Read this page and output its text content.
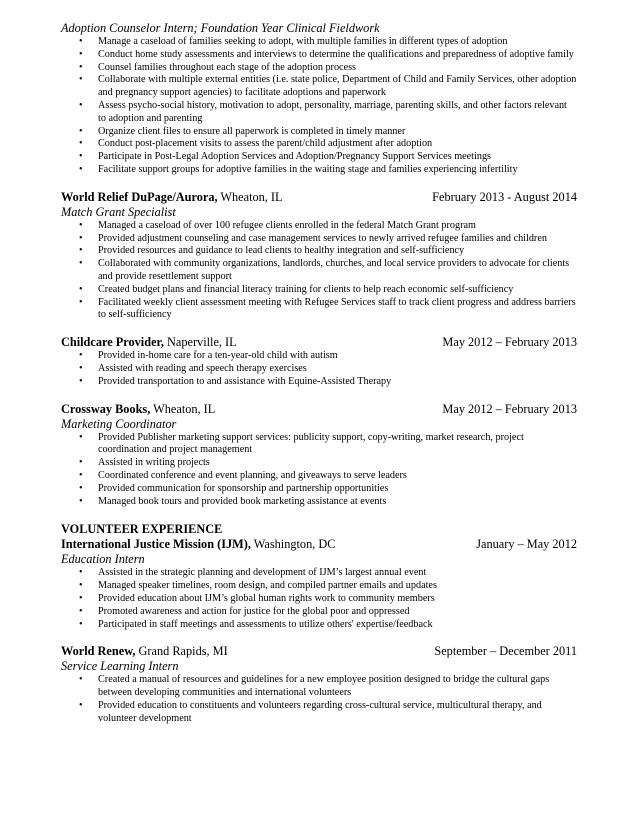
Adoption Counselor Intern; Foundation Year Clinical Fieldwork
• Manage a caseload of families seeking to adopt, with multiple families in different types of adoption
• Conduct home study assessments and interviews to determine the qualifications and preparedness of adoptive family
• Counsel families throughout each stage of the adoption process
• Collaborate with multiple external entities (i.e. state police, Department of Child and Family Services, other adoption and pregnancy support agencies) to facilitate adoptions and paperwork
• Assess psycho-social history, motivation to adopt, personality, marriage, parenting skills, and other factors relevant to adoption and parenting
• Organize client files to ensure all paperwork is completed in timely manner
• Conduct post-placement visits to assess the parent/child adjustment after adoption
• Participate in Post-Legal Adoption Services and Adoption/Pregnancy Support Services meetings
• Facilitate support groups for adoptive families in the waiting stage and families experiencing infertility
World Relief DuPage/Aurora, Wheaton, IL	February 2013 - August 2014
Match Grant Specialist
• Managed a caseload of over 100 refugee clients enrolled in the federal Match Grant program
• Provided adjustment counseling and case management services to newly arrived refugee families and children
• Provided resources and guidance to lead clients to healthy integration and self-sufficiency
• Collaborated with community organizations, landlords, churches, and local service providers to advocate for clients and provide resettlement support
• Created budget plans and financial literacy training for clients to help reach economic self-sufficiency
• Facilitated weekly client assessment meeting with Refugee Services staff to track client progress and address barriers to self-sufficiency
Childcare Provider, Naperville, IL	May 2012 – February 2013
• Provided in-home care for a ten-year-old child with autism
• Assisted with reading and speech therapy exercises
• Provided transportation to and assistance with Equine-Assisted Therapy
Crossway Books, Wheaton, IL	May 2012 – February 2013
Marketing Coordinator
• Provided Publisher marketing support services: publicity support, copy-writing, market research, project coordination and project management
• Assisted in writing projects
• Coordinated conference and event planning, and giveaways to serve leaders
• Provided communication for sponsorship and partnership opportunities
• Managed book tours and provided book marketing assistance at events
VOLUNTEER EXPERIENCE
International Justice Mission (IJM), Washington, DC	January – May 2012
Education Intern
• Assisted in the strategic planning and development of IJM’s largest annual event
• Managed speaker timelines, room design, and compiled partner emails and updates
• Provided education about IJM’s global human rights work to community members
• Promoted awareness and action for justice for the global poor and oppressed
• Participated in staff meetings and assessments to utilize others' expertise/feedback
World Renew, Grand Rapids, MI	September – December 2011
Service Learning Intern
• Created a manual of resources and guidelines for a new employee position designed to bridge the cultural gaps between developing communities and international volunteers
• Provided education to constituents and volunteers regarding cross-cultural service, multicultural therapy, and volunteer development
